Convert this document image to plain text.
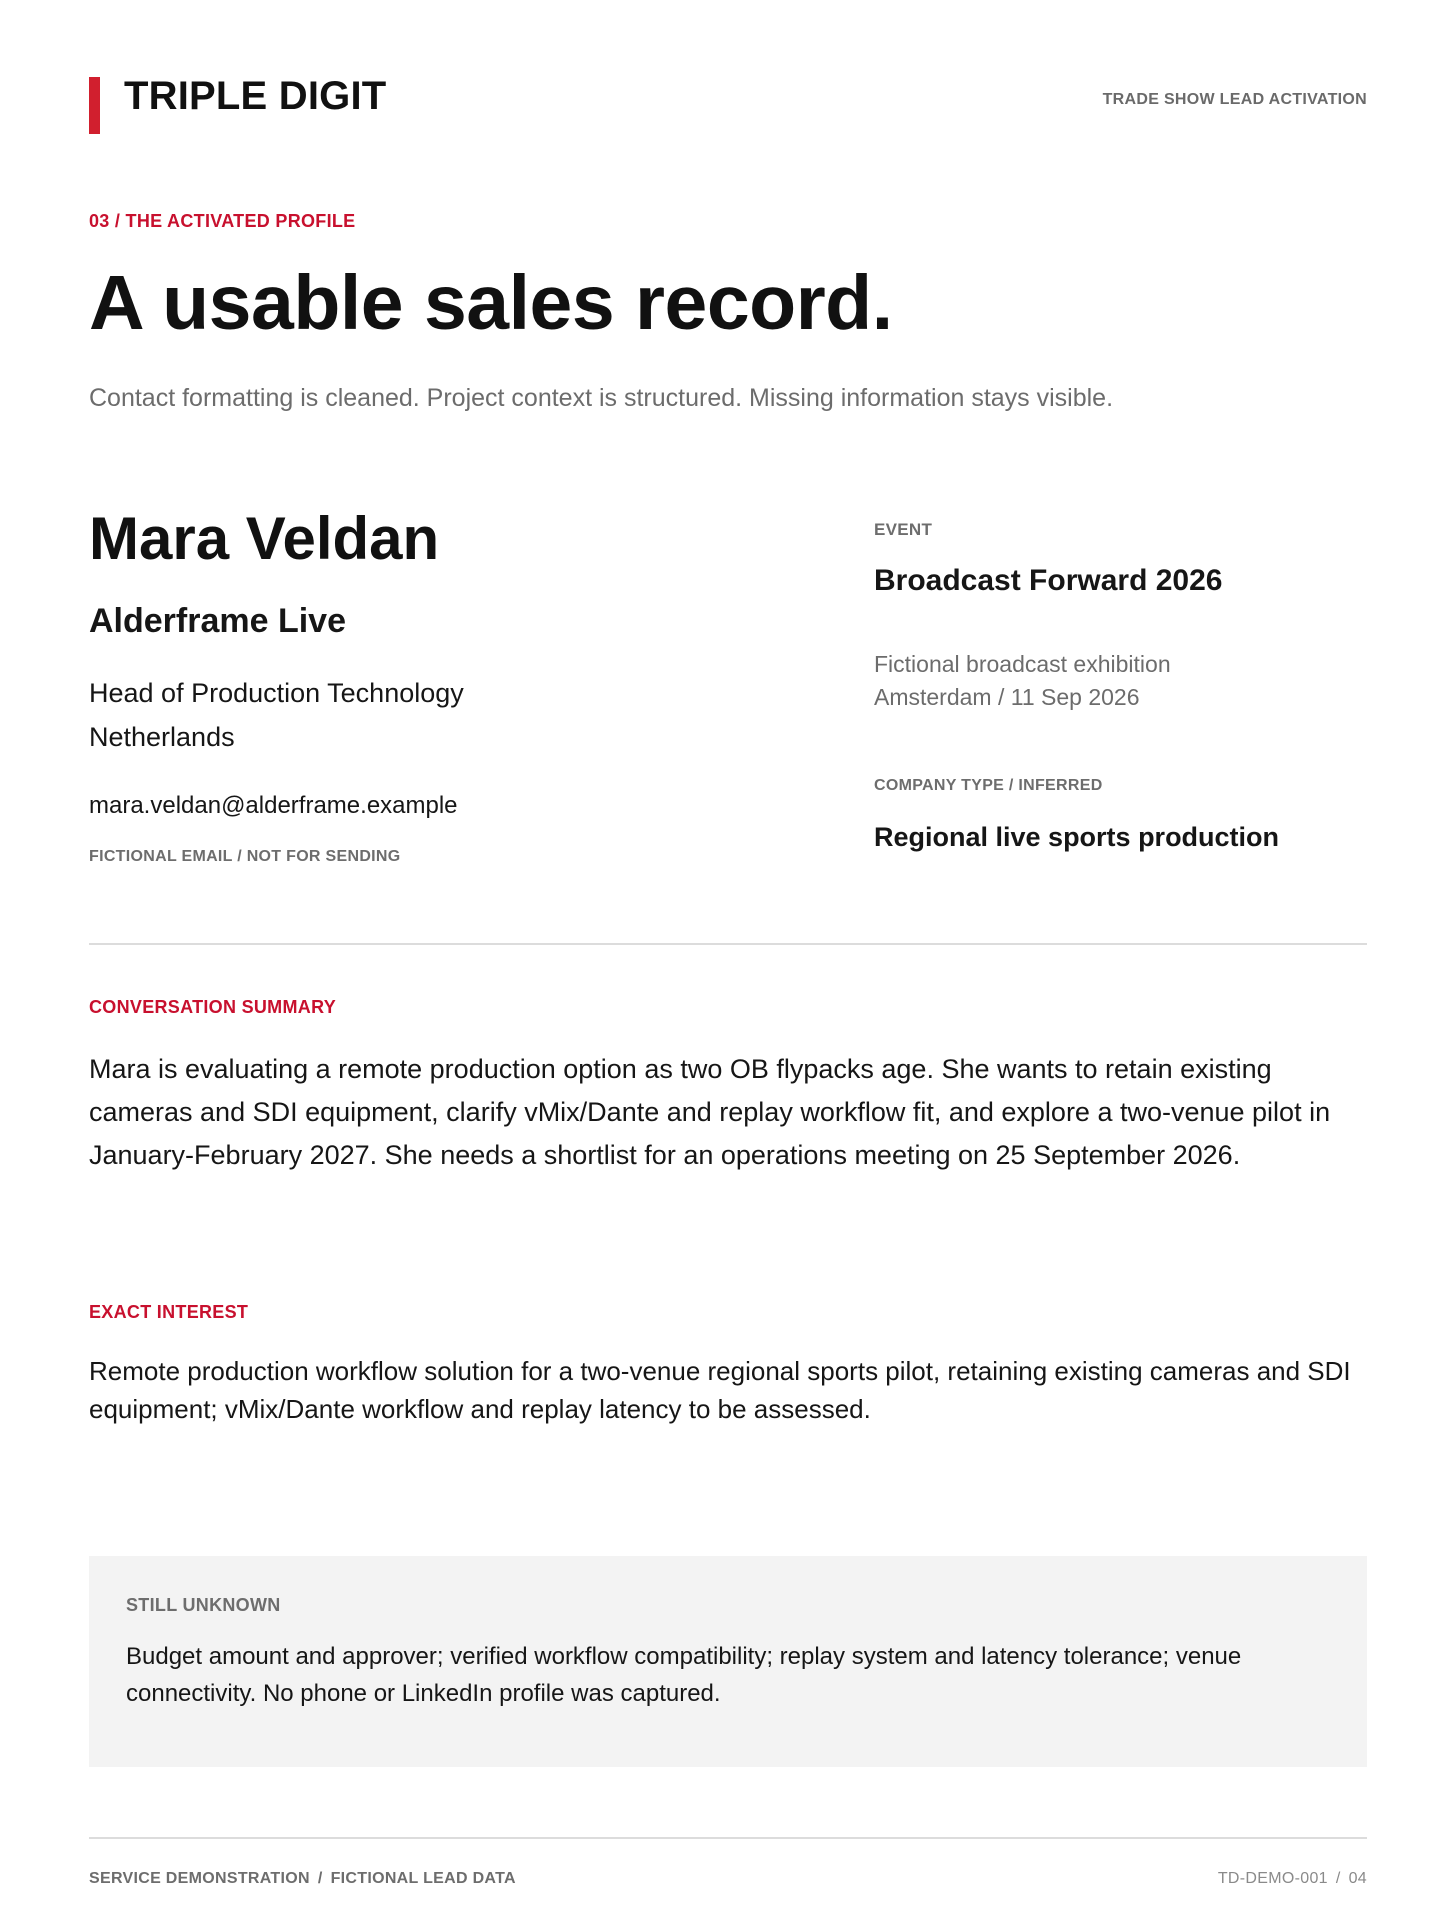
TRIPLE DIGIT	TRADE SHOW LEAD ACTIVATION
03 / THE ACTIVATED PROFILE
A usable sales record.

Contact formatting is cleaned. Project context is structured. Missing information stays visible.

Mara Veldan
Alderframe Live
Head of Production Technology
Netherlands
mara.veldan@alderframe.example
FICTIONAL EMAIL / NOT FOR SENDING
EVENT
Broadcast Forward 2026
Fictional broadcast exhibition
Amsterdam / 11 Sep 2026
COMPANY TYPE / INFERRED
Regional live sports production
CONVERSATION SUMMARY

Mara is evaluating a remote production option as two OB flypacks age. She wants to retain existing cameras and SDI equipment, clarify vMix/Dante and replay workflow fit, and explore a two-venue pilot in January-February 2027. She needs a shortlist for an operations meeting on 25 September 2026.

EXACT INTEREST

Remote production workflow solution for a two-venue regional sports pilot, retaining existing cameras and SDI equipment; vMix/Dante workflow and replay latency to be assessed.

STILL UNKNOWN

Budget amount and approver; verified workflow compatibility; replay system and latency tolerance; venue connectivity. No phone or LinkedIn profile was captured.

SERVICE DEMONSTRATION / FICTIONAL LEAD DATA	TD-DEMO-001 / 04
